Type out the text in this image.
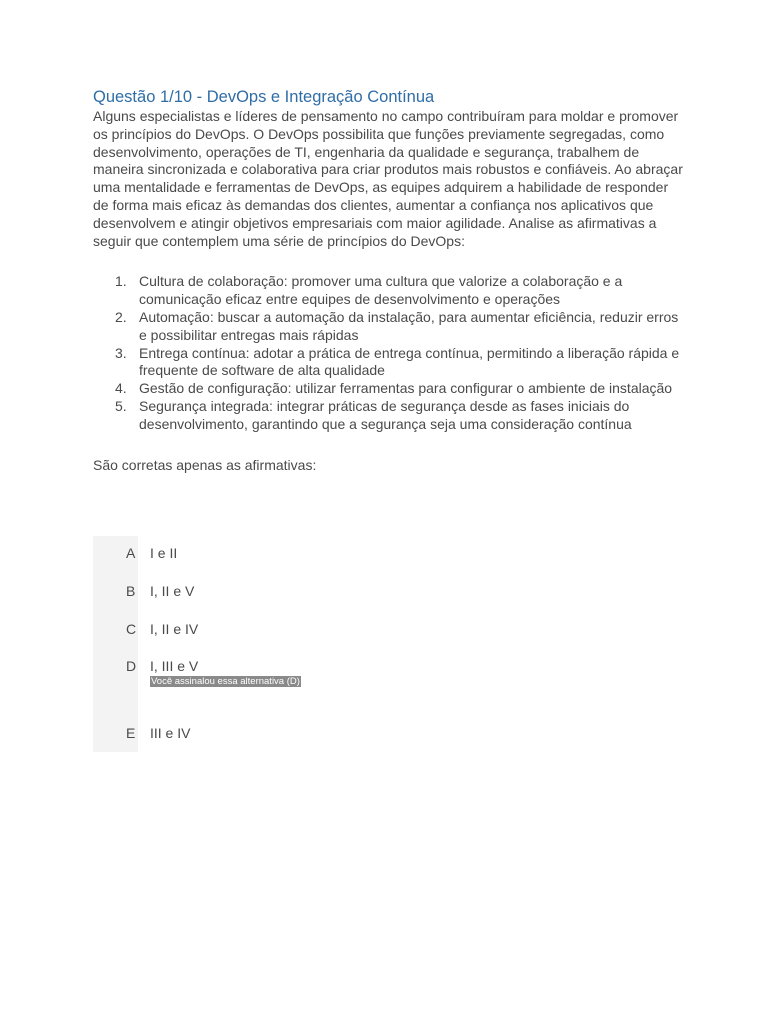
Questão 1/10 - DevOps e Integração Contínua

Alguns especialistas e líderes de pensamento no campo contribuíram para moldar e promover os princípios do DevOps. O DevOps possibilita que funções previamente segregadas, como desenvolvimento, operações de TI, engenharia da qualidade e segurança, trabalhem de maneira sincronizada e colaborativa para criar produtos mais robustos e confiáveis. Ao abraçar uma mentalidade e ferramentas de DevOps, as equipes adquirem a habilidade de responder de forma mais eficaz às demandas dos clientes, aumentar a confiança nos aplicativos que desenvolvem e atingir objetivos empresariais com maior agilidade. Analise as afirmativas a seguir que contemplem uma série de princípios do DevOps:

1. Cultura de colaboração: promover uma cultura que valorize a colaboração e a comunicação eficaz entre equipes de desenvolvimento e operações
2. Automação: buscar a automação da instalação, para aumentar eficiência, reduzir erros e possibilitar entregas mais rápidas
3. Entrega contínua: adotar a prática de entrega contínua, permitindo a liberação rápida e frequente de software de alta qualidade
4. Gestão de configuração: utilizar ferramentas para configurar o ambiente de instalação
5. Segurança integrada: integrar práticas de segurança desde as fases iniciais do desenvolvimento, garantindo que a segurança seja uma consideração contínua

São corretas apenas as afirmativas:

A I e II
B I, II e V
C I, II e IV
D I, III e V
Você assinalou essa alternativa (D)
E III e IV
